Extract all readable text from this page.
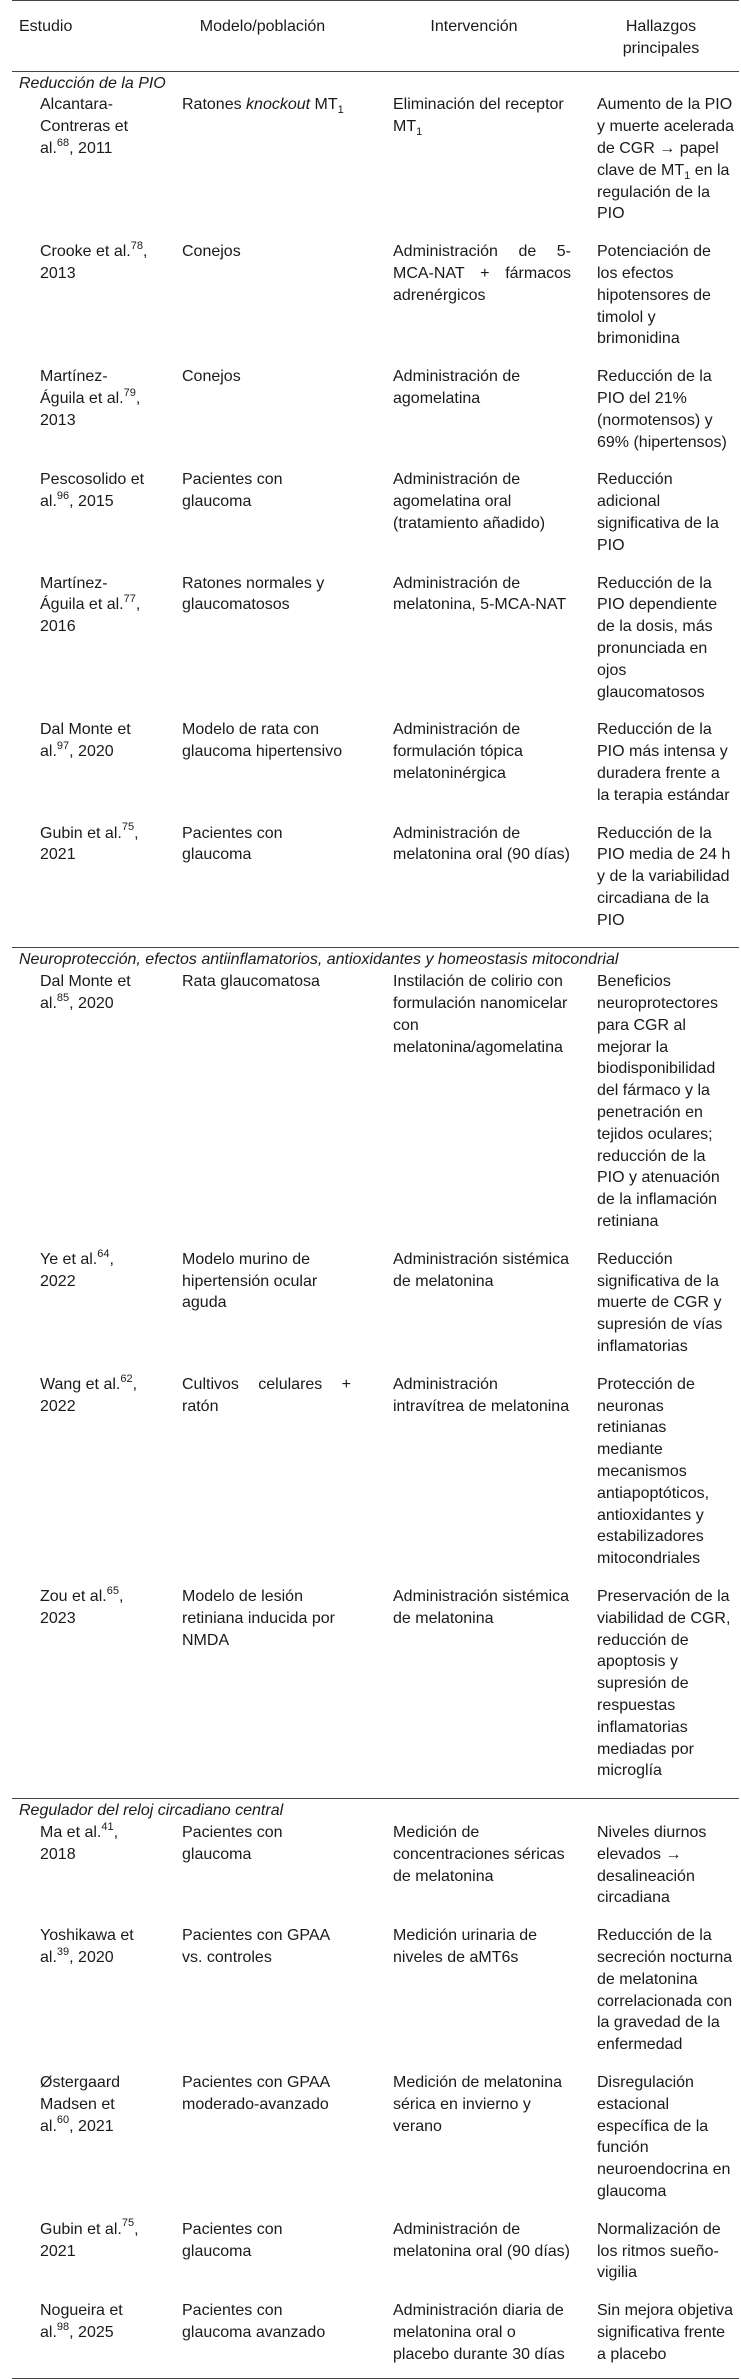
Estudio	Modelo/población	Intervención	Hallazgos principales
Reducción de la PIO			
Alcantara-Contreras et al.$^{68}$, 2011	Ratones knockout $MT_1$	Eliminación del receptor $MT_1$	Aumento de la PIO y muerte acelerada de CGR → papel clave de $MT_1$ en la regulación de la PIO
Crooke et al.$^{78}$, 2013	Conejos	Administración de 5-MCA-NAT + fármacos adrenérgicos	Potenciación de los efectos hipotensores de timolol y brimonidina
Martínez-Águila et al.$^{79}$, 2013	Conejos	Administración de agomelatina	Reducción de la PIO del 21% (normotensos) y 69% (hipertensos)
Pescosolido et al.$^{96}$, 2015	Pacientes con glaucoma	Administración de agomelatina oral (tratamiento añadido)	Reducción adicional significativa de la PIO
Martínez-Águila et al.$^{77}$, 2016	Ratones normales y glaucomatosos	Administración de melatonina, 5-MCA-NAT	Reducción de la PIO dependiente de la dosis, más pronunciada en ojos glaucomatosos
Dal Monte et al.$^{97}$, 2020	Modelo de rata con glaucoma hipertensivo	Administración de formulación tópica melatoninérgica	Reducción de la PIO más intensa y duradera frente a la terapia estándar
Gubin et al.$^{75}$, 2021	Pacientes con glaucoma	Administración de melatonina oral (90 días)	Reducción de la PIO media de 24 h y de la variabilidad circadiana de la PIO
Neuroprotección, efectos antiinflamatorios, antioxidantes y homeostasis mitocondrial			
Dal Monte et al.$^{85}$, 2020	Rata glaucomatosa	Instilación de colirio con formulación nanomicelar con melatonina/agomelatina	Beneficios neuroprotectores para CGR al mejorar la biodisponibilidad del fármaco y la penetración en tejidos oculares; reducción de la PIO y atenuación de la inflamación retiniana
Ye et al.$^{64}$, 2022	Modelo murino de hipertensión ocular aguda	Administración sistémica de melatonina	Reducción significativa de la muerte de CGR y supresión de vías inflamatorias
Wang et al.$^{62}$, 2022	Cultivos celulares + ratón	Administración intravítrea de melatonina	Protección de neuronas retinianas mediante mecanismos antiapoptóticos, antioxidantes y estabilizadores mitocondriales
Zou et al.$^{65}$, 2023	Modelo de lesión retiniana inducida por NMDA	Administración sistémica de melatonina	Preservación de la viabilidad de CGR, reducción de apoptosis y supresión de respuestas inflamatorias mediadas por microglía
Regulador del reloj circadiano central			
Ma et al.$^{41}$, 2018	Pacientes con glaucoma	Medición de concentraciones séricas de melatonina	Niveles diurnos elevados → desalineación circadiana
Yoshikawa et al.$^{39}$, 2020	Pacientes con GPAA vs. controles	Medición urinaria de niveles de aMT6s	Reducción de la secreción nocturna de melatonina correlacionada con la gravedad de la enfermedad
Østergaard Madsen et al.$^{60}$, 2021	Pacientes con GPAA moderado-avanzado	Medición de melatonina sérica en invierno y verano	Disregulación estacional específica de la función neuroendocrina en glaucoma
Gubin et al.$^{75}$, 2021	Pacientes con glaucoma	Administración de melatonina oral (90 días)	Normalización de los ritmos sueño-vigilia
Nogueira et al.$^{98}$, 2025	Pacientes con glaucoma avanzado	Administración diaria de melatonina oral o placebo durante 30 días	Sin mejora objetiva significativa frente a placebo
